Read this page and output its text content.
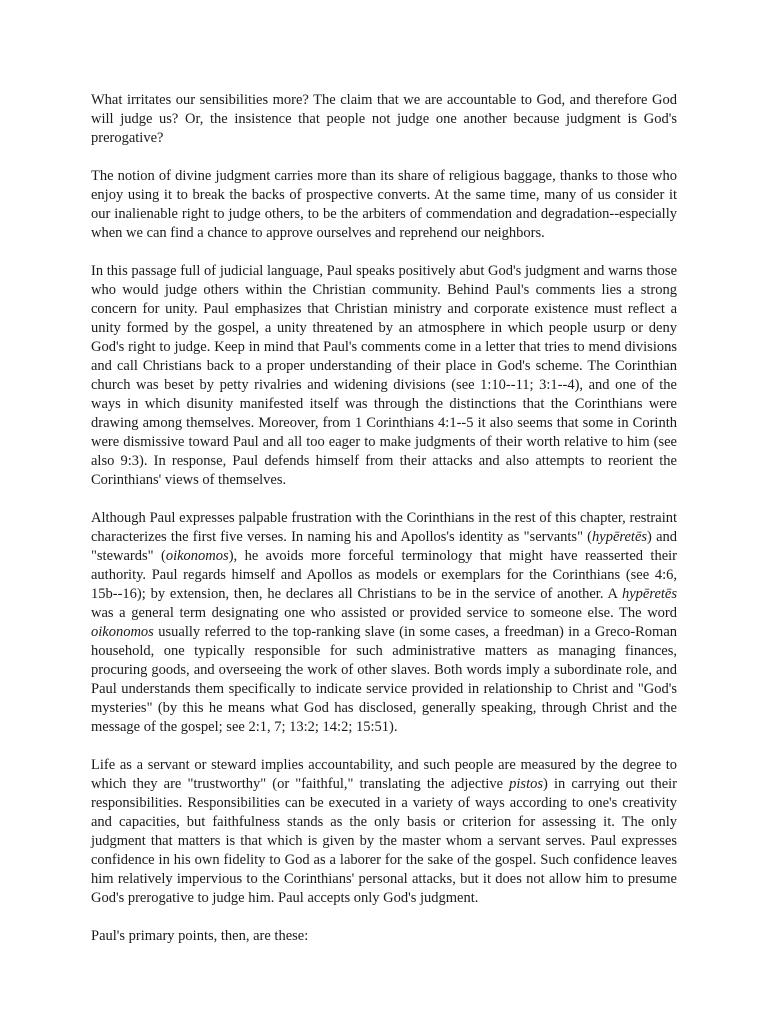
What irritates our sensibilities more? The claim that we are accountable to God, and therefore God will judge us? Or, the insistence that people not judge one another because judgment is God's prerogative?

The notion of divine judgment carries more than its share of religious baggage, thanks to those who enjoy using it to break the backs of prospective converts. At the same time, many of us consider it our inalienable right to judge others, to be the arbiters of commendation and degradation--especially when we can find a chance to approve ourselves and reprehend our neighbors.

In this passage full of judicial language, Paul speaks positively abut God's judgment and warns those who would judge others within the Christian community. Behind Paul's comments lies a strong concern for unity. Paul emphasizes that Christian ministry and corporate existence must reflect a unity formed by the gospel, a unity threatened by an atmosphere in which people usurp or deny God's right to judge. Keep in mind that Paul's comments come in a letter that tries to mend divisions and call Christians back to a proper understanding of their place in God's scheme. The Corinthian church was beset by petty rivalries and widening divisions (see 1:10--11; 3:1--4), and one of the ways in which disunity manifested itself was through the distinctions that the Corinthians were drawing among themselves. Moreover, from 1 Corinthians 4:1--5 it also seems that some in Corinth were dismissive toward Paul and all too eager to make judgments of their worth relative to him (see also 9:3). In response, Paul defends himself from their attacks and also attempts to reorient the Corinthians' views of themselves.

Although Paul expresses palpable frustration with the Corinthians in the rest of this chapter, restraint characterizes the first five verses. In naming his and Apollos's identity as "servants" (hypēretēs) and "stewards" (oikonomos), he avoids more forceful terminology that might have reasserted their authority. Paul regards himself and Apollos as models or exemplars for the Corinthians (see 4:6, 15b--16); by extension, then, he declares all Christians to be in the service of another. A hypēretēs was a general term designating one who assisted or provided service to someone else. The word oikonomos usually referred to the top-ranking slave (in some cases, a freedman) in a Greco-Roman household, one typically responsible for such administrative matters as managing finances, procuring goods, and overseeing the work of other slaves. Both words imply a subordinate role, and Paul understands them specifically to indicate service provided in relationship to Christ and "God's mysteries" (by this he means what God has disclosed, generally speaking, through Christ and the message of the gospel; see 2:1, 7; 13:2; 14:2; 15:51).

Life as a servant or steward implies accountability, and such people are measured by the degree to which they are "trustworthy" (or "faithful," translating the adjective pistos) in carrying out their responsibilities. Responsibilities can be executed in a variety of ways according to one's creativity and capacities, but faithfulness stands as the only basis or criterion for assessing it. The only judgment that matters is that which is given by the master whom a servant serves. Paul expresses confidence in his own fidelity to God as a laborer for the sake of the gospel. Such confidence leaves him relatively impervious to the Corinthians' personal attacks, but it does not allow him to presume God's prerogative to judge him. Paul accepts only God's judgment.

Paul's primary points, then, are these:
